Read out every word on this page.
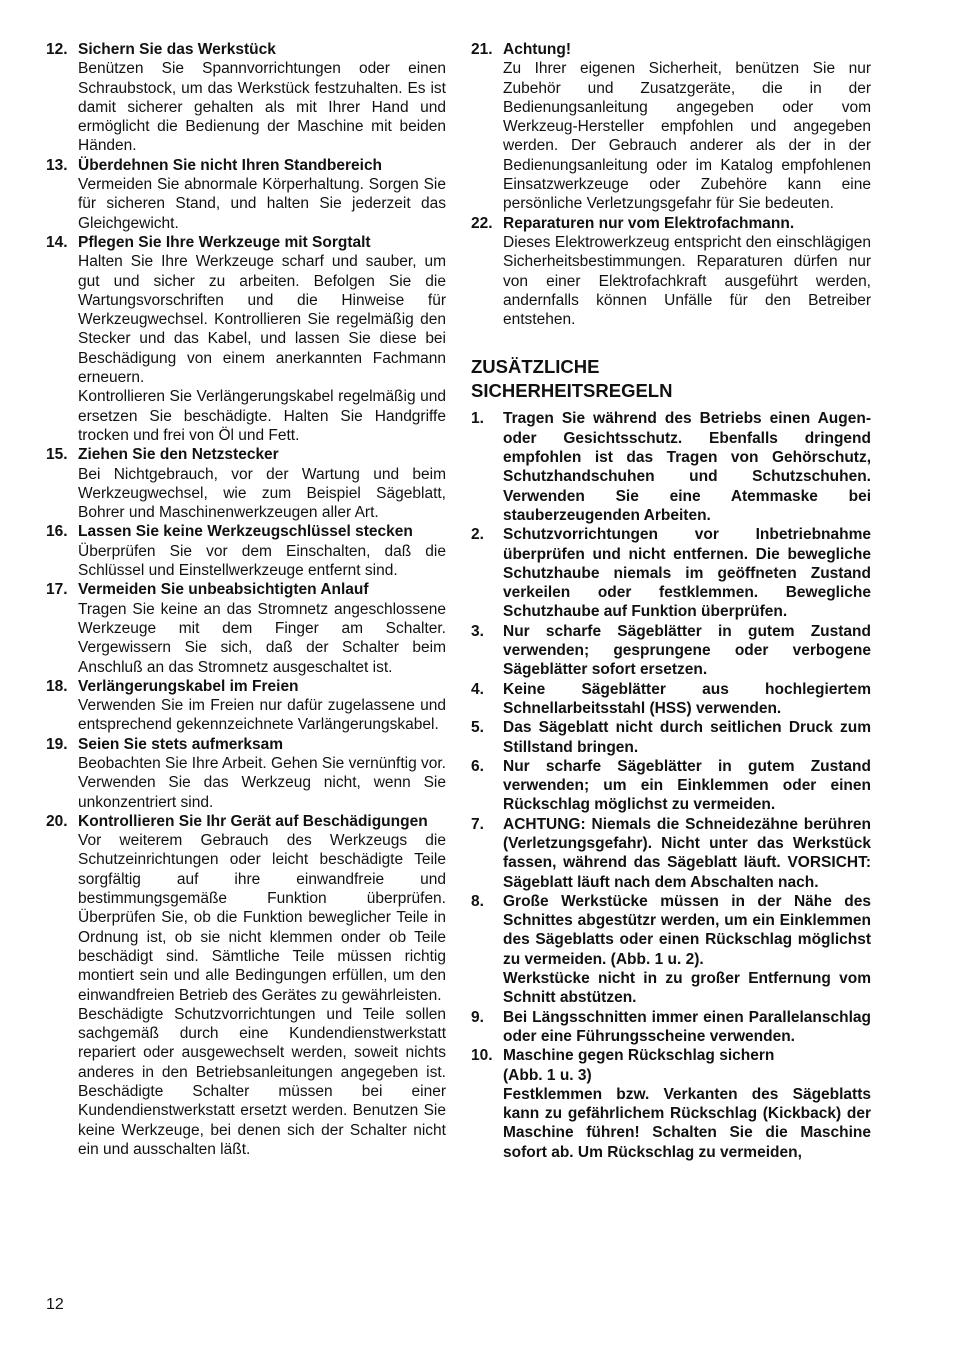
12. Sichern Sie das Werkstück

Benützen Sie Spannvorrichtungen oder einen Schraubstock, um das Werkstück festzuhalten. Es ist damit sicherer gehalten als mit Ihrer Hand und ermöglicht die Bedienung der Maschine mit beiden Händen.

13. Überdehnen Sie nicht Ihren Standbereich

Vermeiden Sie abnormale Körperhaltung. Sorgen Sie für sicheren Stand, und halten Sie jederzeit das Gleichgewicht.

14. Pflegen Sie Ihre Werkzeuge mit Sorgtalt

Halten Sie Ihre Werkzeuge scharf und sauber, um gut und sicher zu arbeiten. Befolgen Sie die Wartungsvorschriften und die Hinweise für Werkzeugwechsel. Kontrollieren Sie regelmäßig den Stecker und das Kabel, und lassen Sie diese bei Beschädigung von einem anerkannten Fachmann erneuern.

Kontrollieren Sie Verlängerungskabel regelmäßig und ersetzen Sie beschädigte. Halten Sie Handgriffe trocken und frei von Öl und Fett.

15. Ziehen Sie den Netzstecker

Bei Nichtgebrauch, vor der Wartung und beim Werkzeugwechsel, wie zum Beispiel Sägeblatt, Bohrer und Maschinenwerkzeugen aller Art.

16. Lassen Sie keine Werkzeugschlüssel stecken

Überprüfen Sie vor dem Einschalten, daß die Schlüssel und Einstellwerkzeuge entfernt sind.

17. Vermeiden Sie unbeabsichtigten Anlauf

Tragen Sie keine an das Stromnetz angeschlossene Werkzeuge mit dem Finger am Schalter. Vergewissern Sie sich, daß der Schalter beim Anschluß an das Stromnetz ausgeschaltet ist.

18. Verlängerungskabel im Freien

Verwenden Sie im Freien nur dafür zugelassene und entsprechend gekennzeichnete Varlängerungskabel.

19. Seien Sie stets aufmerksam

Beobachten Sie Ihre Arbeit. Gehen Sie vernünftig vor. Verwenden Sie das Werkzeug nicht, wenn Sie unkonzentriert sind.

20. Kontrollieren Sie Ihr Gerät auf Beschädigungen

Vor weiterem Gebrauch des Werkzeugs die Schutzeinrichtungen oder leicht beschädigte Teile sorgfältig auf ihre einwandfreie und bestimmungsgemäße Funktion überprüfen. Überprüfen Sie, ob die Funktion beweglicher Teile in Ordnung ist, ob sie nicht klemmen onder ob Teile beschädigt sind. Sämtliche Teile müssen richtig montiert sein und alle Bedingungen erfüllen, um den einwandfreien Betrieb des Gerätes zu gewährleisten.

Beschädigte Schutzvorrichtungen und Teile sollen sachgemäß durch eine Kundendienstwerkstatt repariert oder ausgewechselt werden, soweit nichts anderes in den Betriebsanleitungen angegeben ist. Beschädigte Schalter müssen bei einer Kundendienstwerkstatt ersetzt werden. Benutzen Sie keine Werkzeuge, bei denen sich der Schalter nicht ein und ausschalten läßt.

21. Achtung!

Zu Ihrer eigenen Sicherheit, benützen Sie nur Zubehör und Zusatzgeräte, die in der Bedienungsanleitung angegeben oder vom Werkzeug-Hersteller empfohlen und angegeben werden. Der Gebrauch anderer als der in der Bedienungsanleitung oder im Katalog empfohlenen Einsatzwerkzeuge oder Zubehöre kann eine persönliche Verletzungsgefahr für Sie bedeuten.

22. Reparaturen nur vom Elektrofachmann.

Dieses Elektrowerkzeug entspricht den einschlägigen Sicherheitsbestimmungen. Reparaturen dürfen nur von einer Elektrofachkraft ausgeführt werden, andernfalls können Unfälle für den Betreiber entstehen.

ZUSÄTZLICHE
SICHERHEITSREGELN
1. Tragen Sie während des Betriebs einen Augen- oder Gesichtsschutz. Ebenfalls dringend empfohlen ist das Tragen von Gehörschutz, Schutzhandschuhen und Schutzschuhen. Verwenden Sie eine Atemmaske bei stauberzeugenden Arbeiten.

2. Schutzvorrichtungen vor Inbetriebnahme überprüfen und nicht entfernen. Die bewegliche Schutzhaube niemals im geöffneten Zustand verkeilen oder festklemmen. Bewegliche Schutzhaube auf Funktion überprüfen.

3. Nur scharfe Sägeblätter in gutem Zustand verwenden; gesprungene oder verbogene Sägeblätter sofort ersetzen.

4. Keine Sägeblätter aus hochlegiertem Schnellarbeitsstahl (HSS) verwenden.

5. Das Sägeblatt nicht durch seitlichen Druck zum Stillstand bringen.

6. Nur scharfe Sägeblätter in gutem Zustand verwenden; um ein Einklemmen oder einen Rückschlag möglichst zu vermeiden.

7. ACHTUNG: Niemals die Schneidezähne berühren (Verletzungsgefahr). Nicht unter das Werkstück fassen, während das Sägeblatt läuft. VORSICHT: Sägeblatt läuft nach dem Abschalten nach.

8. Große Werkstücke müssen in der Nähe des Schnittes abgestützr werden, um ein Einklemmen des Sägeblatts oder einen Rückschlag möglichst zu vermeiden. (Abb. 1 u. 2).

Werkstücke nicht in zu großer Entfernung vom Schnitt abstützen.

9. Bei Längsschnitten immer einen Parallelanschlag oder eine Führungsscheine verwenden.

10. Maschine gegen Rückschlag sichern

(Abb. 1 u. 3)

Festklemmen bzw. Verkanten des Sägeblatts kann zu gefährlichem Rückschlag (Kickback) der Maschine führen! Schalten Sie die Maschine sofort ab. Um Rückschlag zu vermeiden,

12
